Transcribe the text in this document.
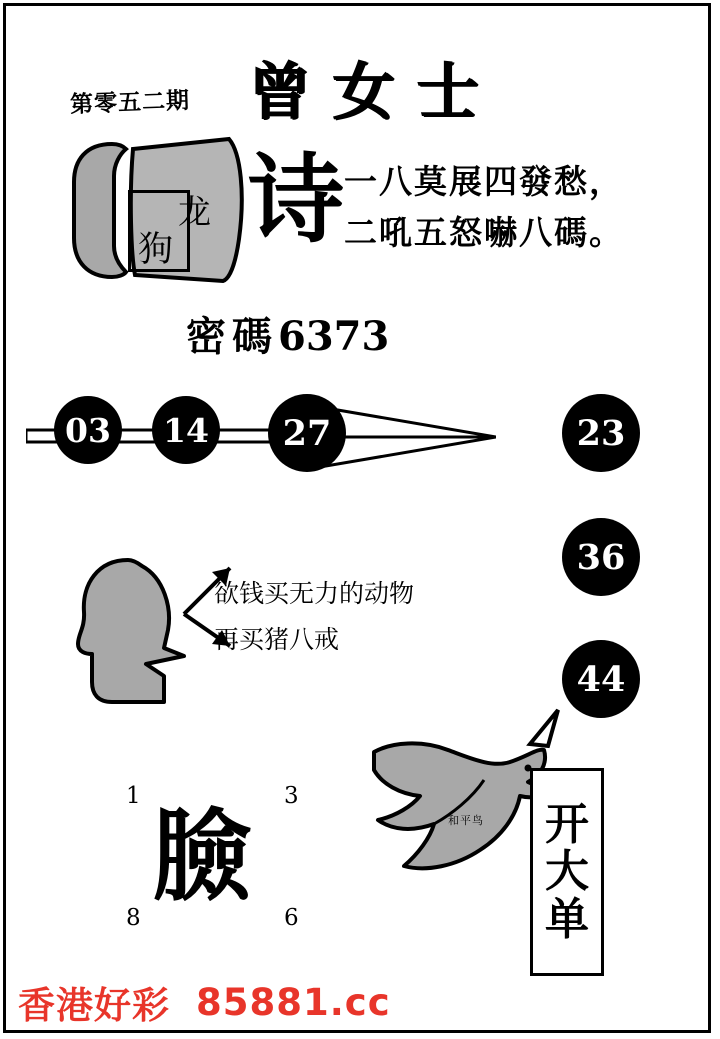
第零五二期 曾女士
龙
狗 诗 一八莫展四發愁，
二吼五怒嚇八碼。
密碼6373
03	14	27	23
36
44
欲钱买无力的动物
再买猪八戒
1	3
8	6
臉	和平鸟 开
大
单
香港好彩 85881.cc
